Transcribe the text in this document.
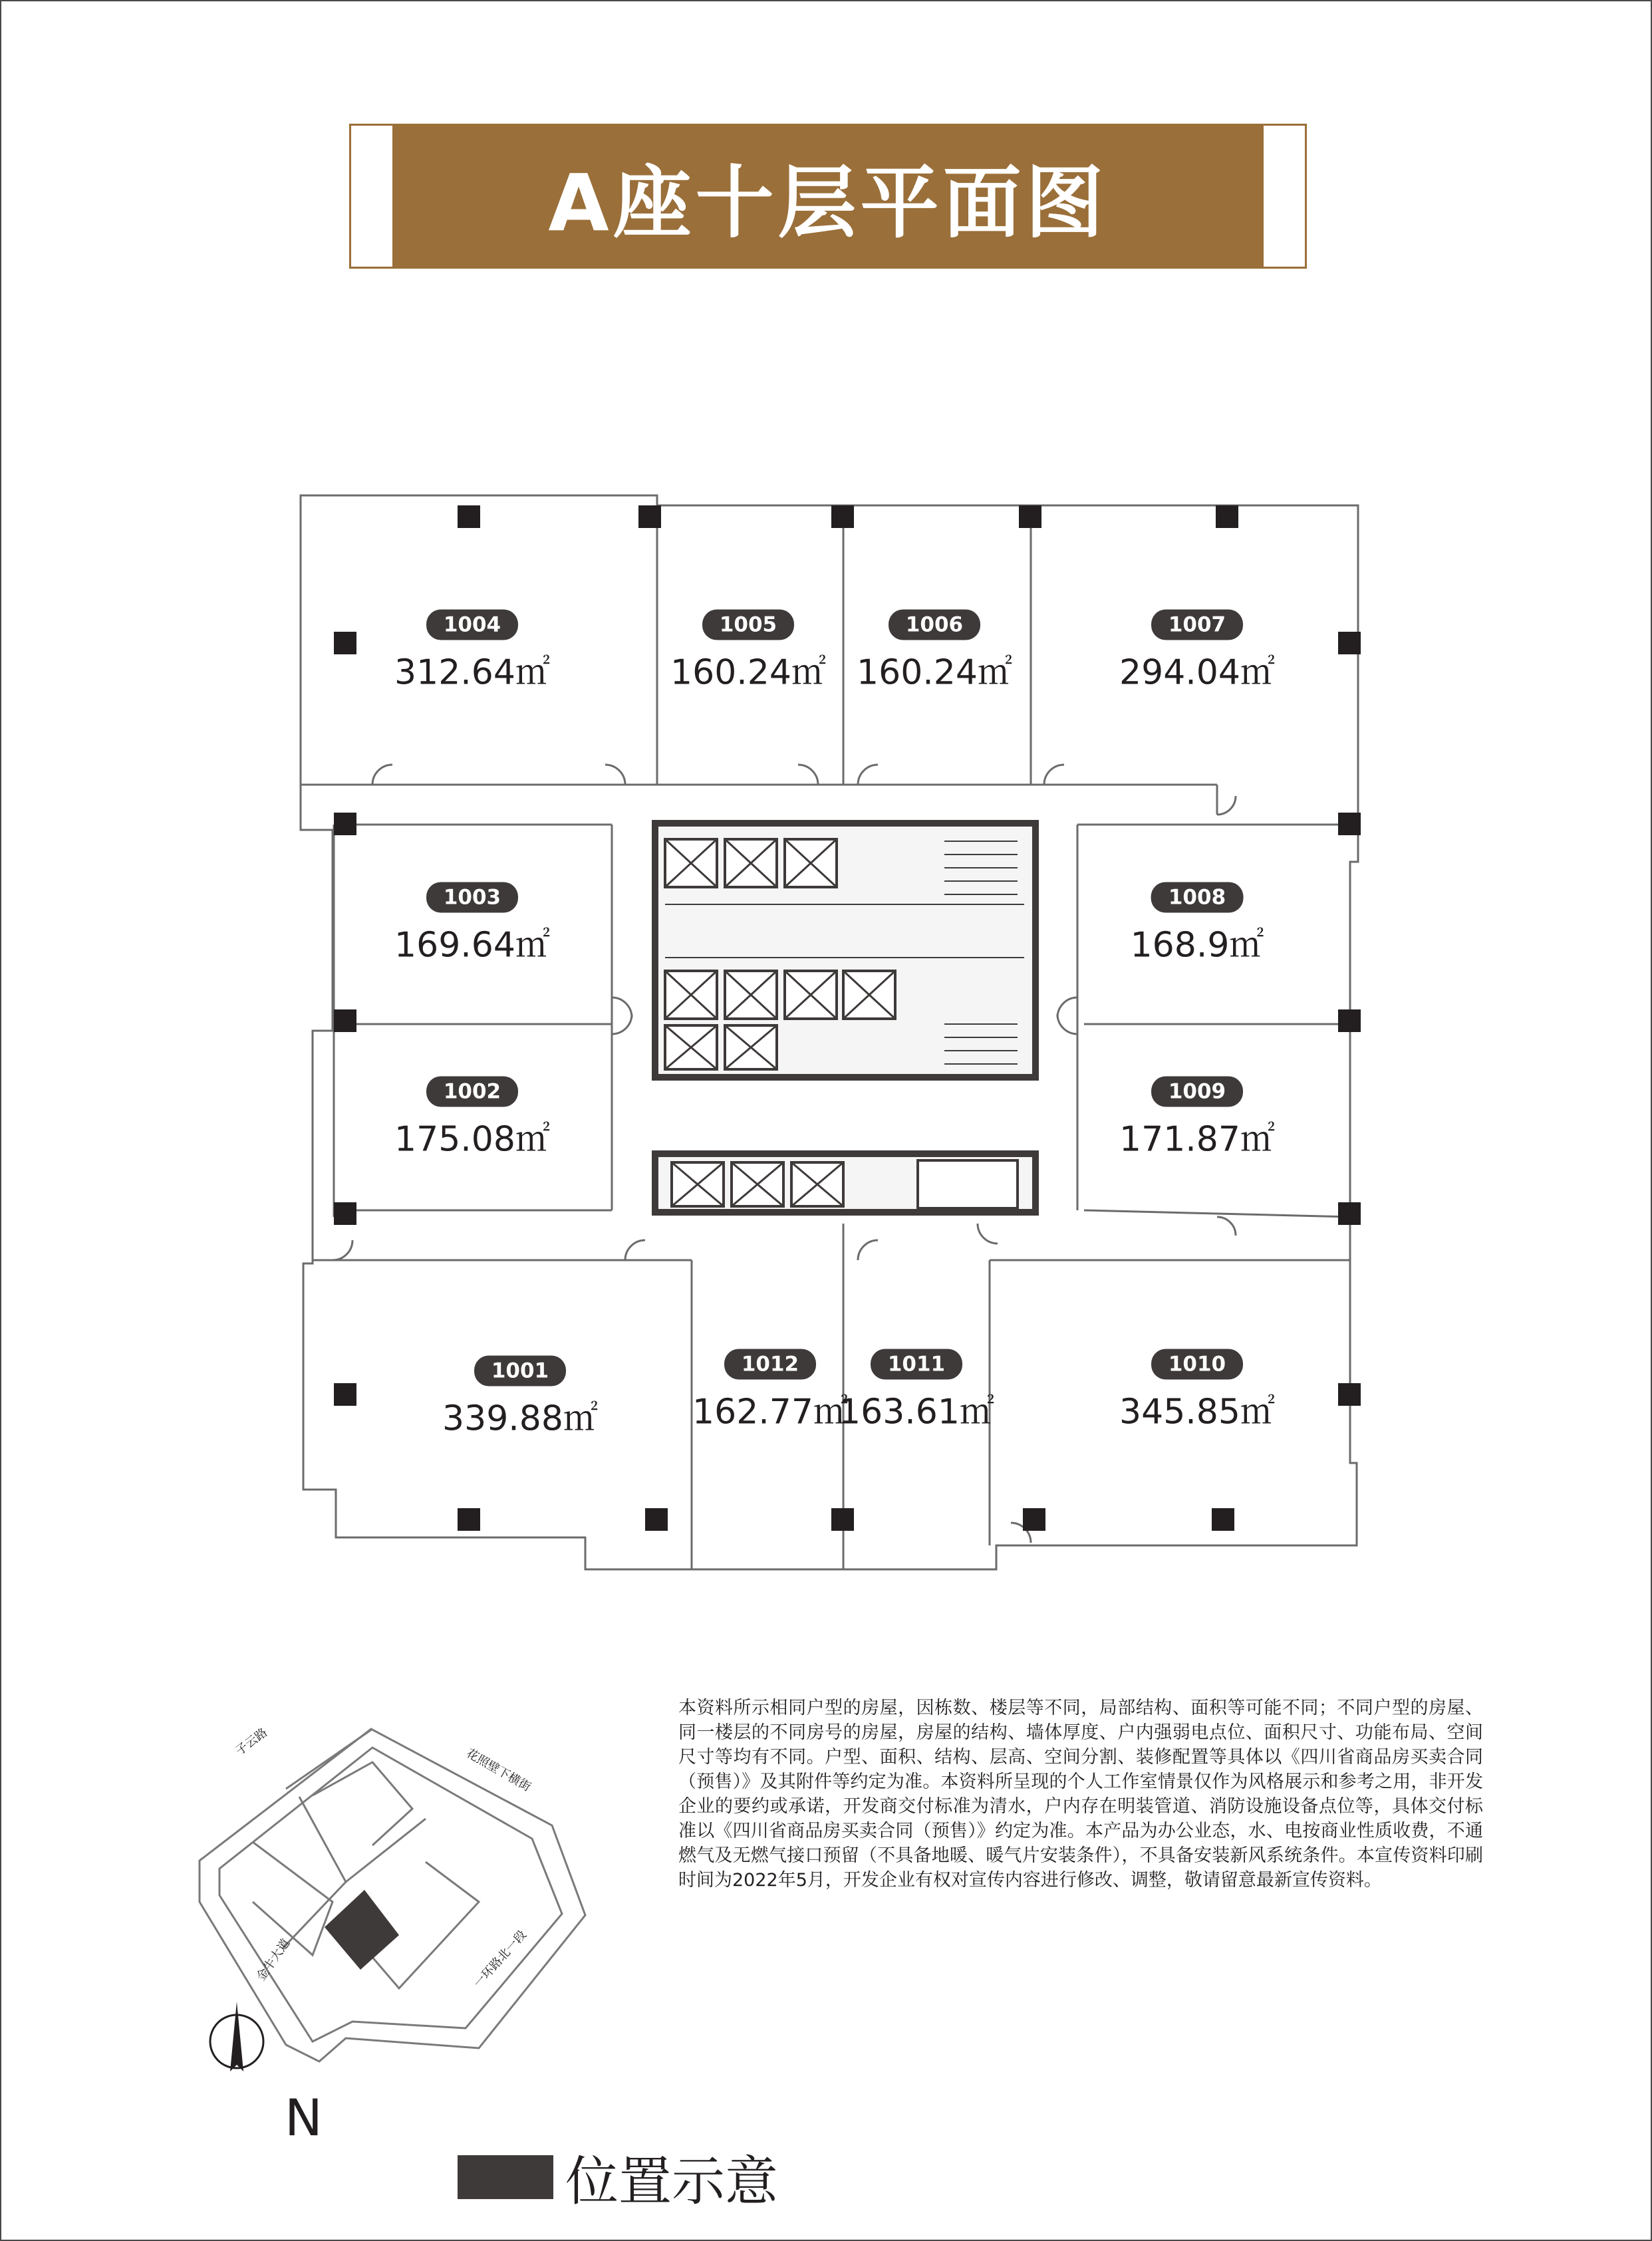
A座十层平面图
1004
312.64㎡
1005
160.24㎡
1006
160.24㎡
1007
294.04㎡
1003
169.64㎡
1008
168.9㎡
1002
175.08㎡
1009
171.87㎡
1001
339.88㎡
1012
162.77㎡
1011
163.61㎡
1010
345.85㎡
子云路
花照壁下横街
金牛大道	一环路北一段
N
位置示意
本资料所示相同户型的房屋，因栋数、楼层等不同，局部结构、面积等可能不同；不同户型的房屋、同一楼层的不同房号的房屋，房屋的结构、墙体厚度、户内强弱电点位、面积尺寸、功能布局、空间尺寸等均有不同。户型、面积、结构、层高、空间分割、装修配置等具体以《四川省商品房买卖合同（预售）》及其附件等约定为准。本资料所呈现的个人工作室情景仅作为风格展示和参考之用，非开发企业的要约或承诺，开发商交付标准为清水，户内存在明装管道、消防设施设备点位等，具体交付标准以《四川省商品房买卖合同（预售）》约定为准。本产品为办公业态，水、电按商业性质收费，不通燃气及无燃气接口预留（不具备地暖、暖气片安装条件），不具备安装新风系统条件。本宣传资料印刷时间为2022年5月，开发企业有权对宣传内容进行修改、调整，敬请留意最新宣传资料。
